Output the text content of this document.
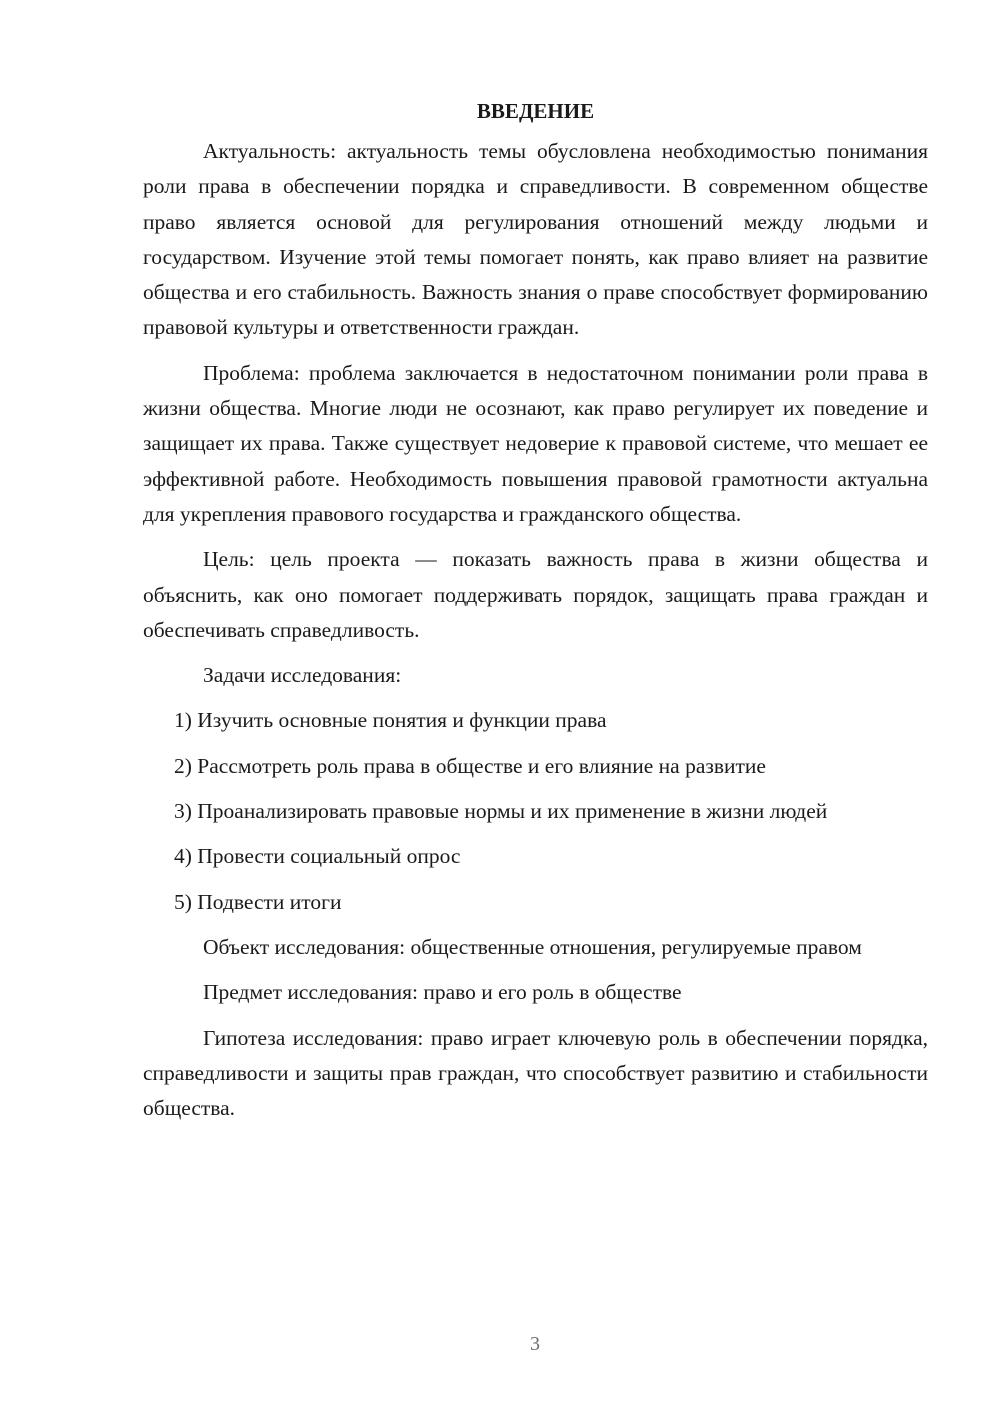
ВВЕДЕНИЕ

Актуальность: актуальность темы обусловлена необходимостью понимания роли права в обеспечении порядка и справедливости. В современном обществе право является основой для регулирования отношений между людьми и государством. Изучение этой темы помогает понять, как право влияет на развитие общества и его стабильность. Важность знания о праве способствует формированию правовой культуры и ответственности граждан.

Проблема: проблема заключается в недостаточном понимании роли права в жизни общества. Многие люди не осознают, как право регулирует их поведение и защищает их права. Также существует недоверие к правовой системе, что мешает ее эффективной работе. Необходимость повышения правовой грамотности актуальна для укрепления правового государства и гражданского общества.

Цель: цель проекта — показать важность права в жизни общества и объяснить, как оно помогает поддерживать порядок, защищать права граждан и обеспечивать справедливость.

Задачи исследования:

1) Изучить основные понятия и функции права

2) Рассмотреть роль права в обществе и его влияние на развитие

3) Проанализировать правовые нормы и их применение в жизни людей

4) Провести социальный опрос

5) Подвести итоги

Объект исследования: общественные отношения, регулируемые правом

Предмет исследования: право и его роль в обществе

Гипотеза исследования: право играет ключевую роль в обеспечении порядка, справедливости и защиты прав граждан, что способствует развитию и стабильности общества.

3
